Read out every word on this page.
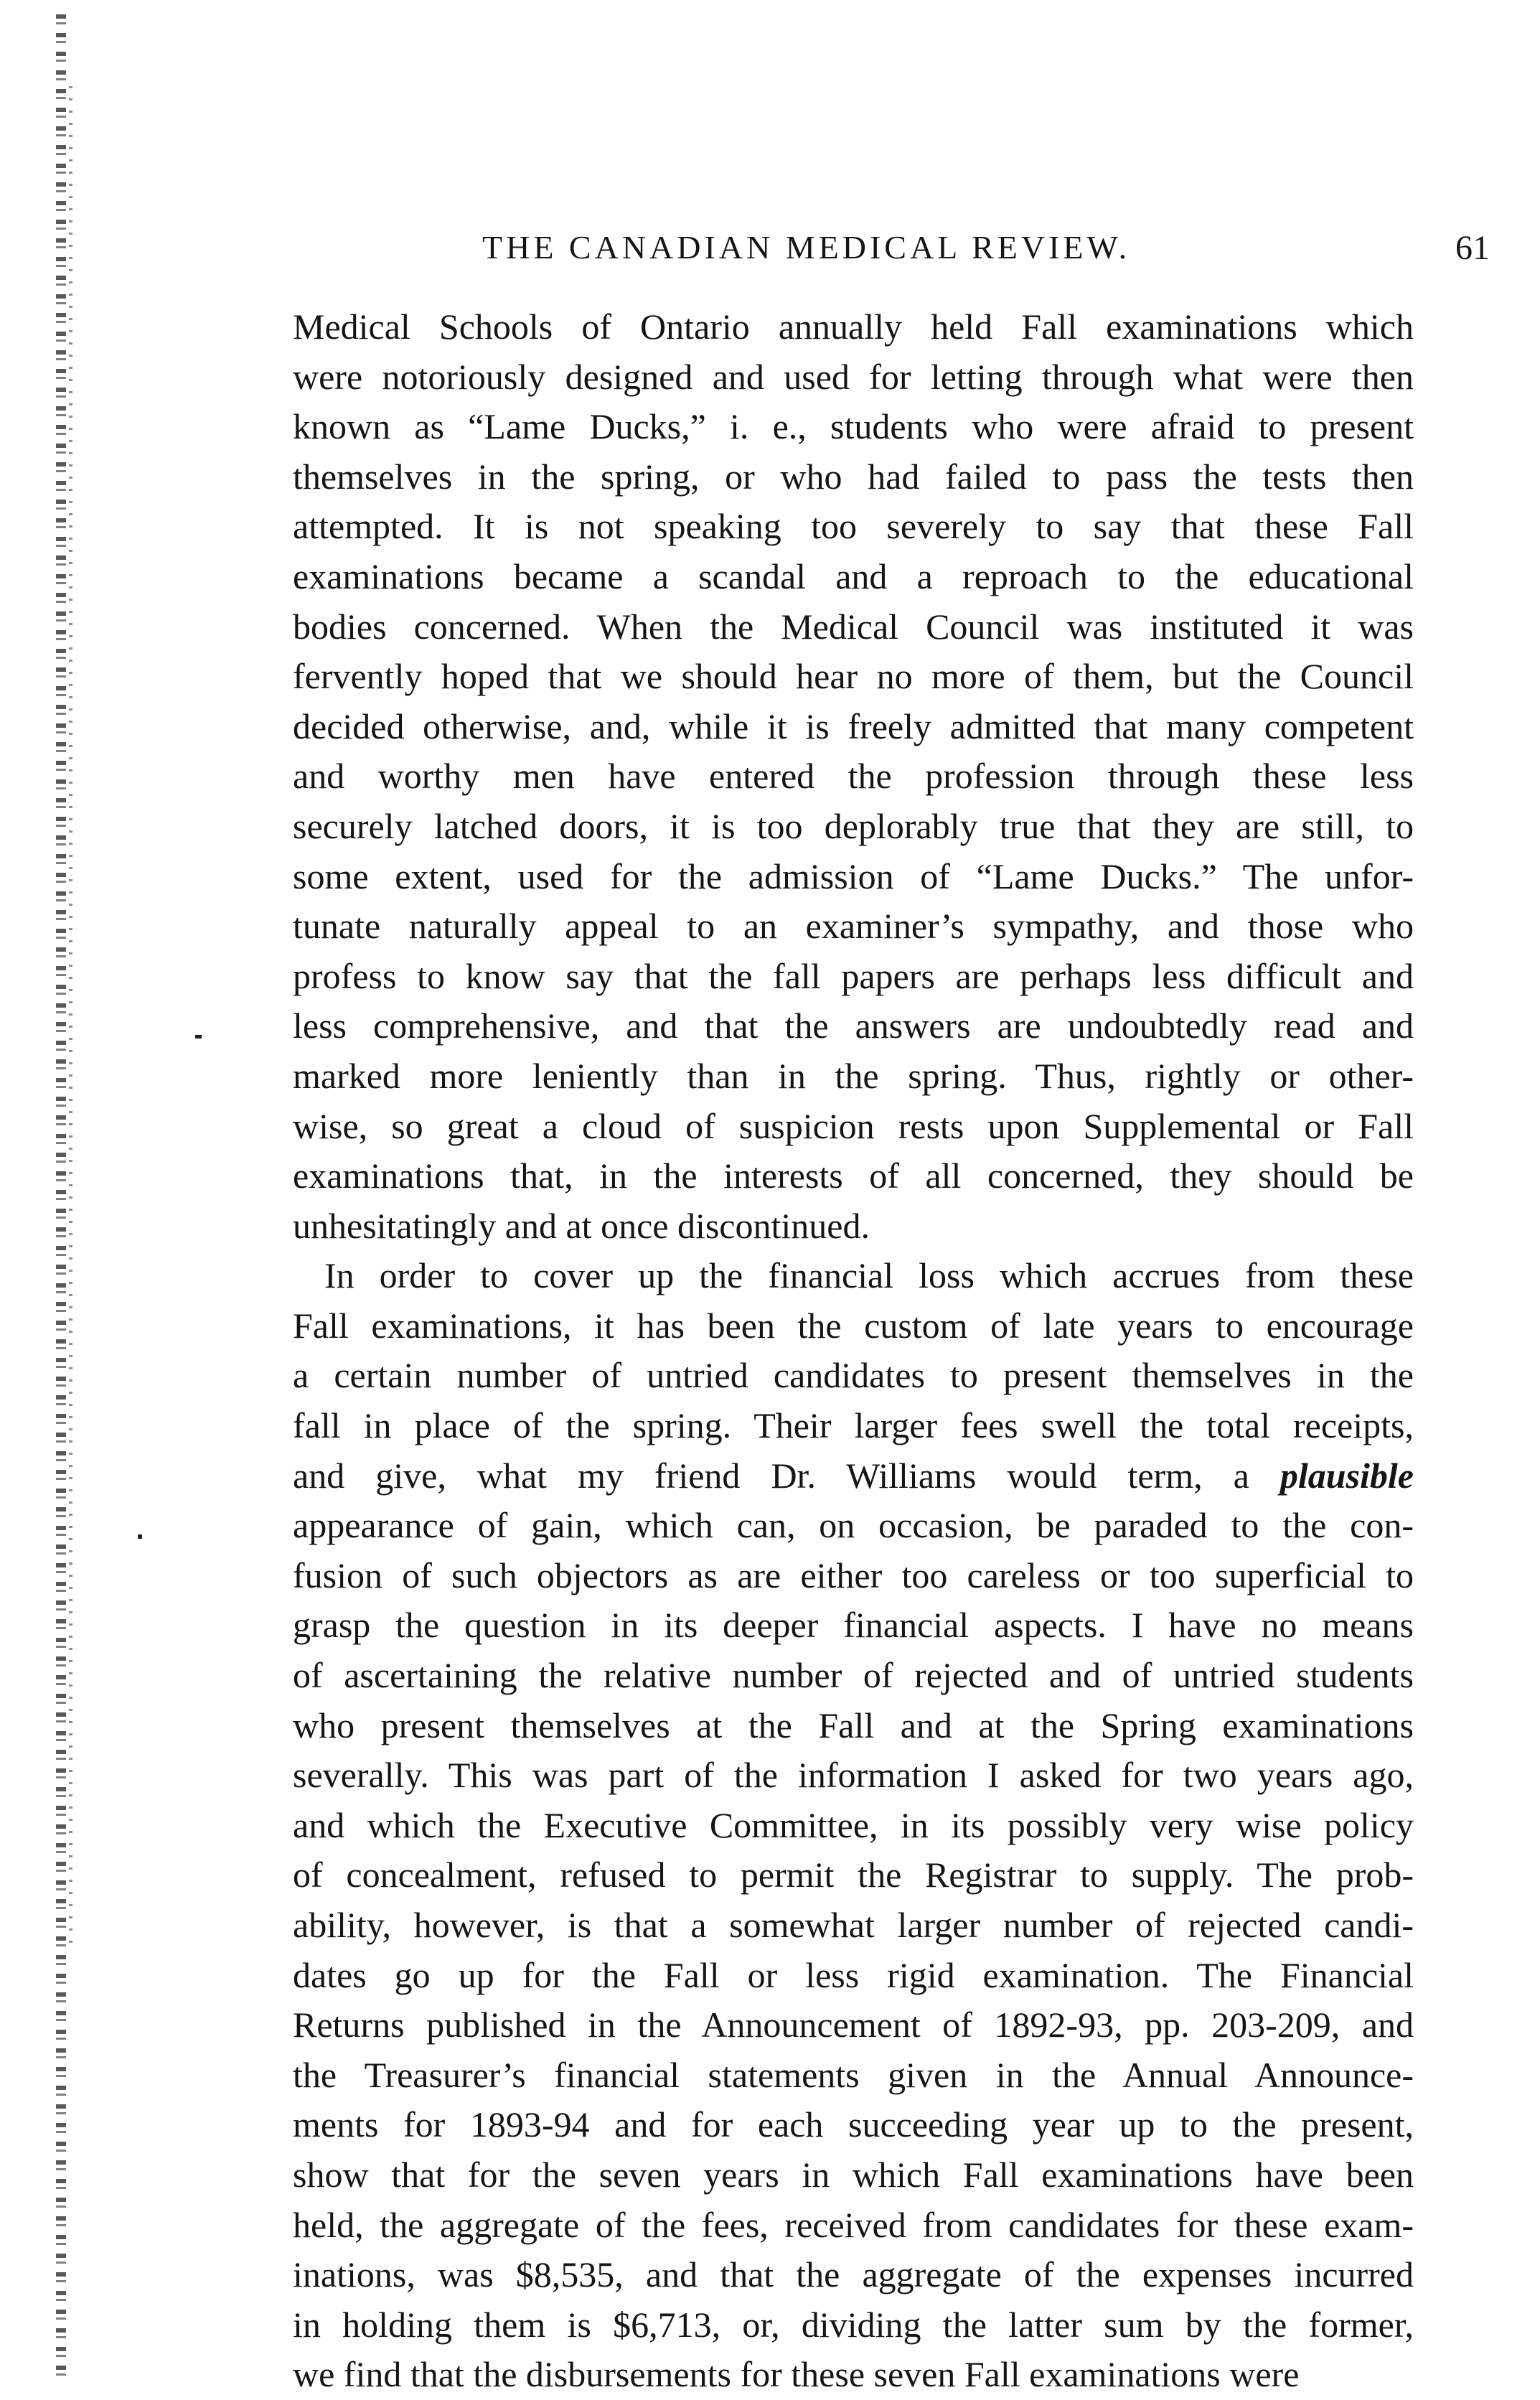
THE CANADIAN MEDICAL REVIEW.	61
Medical Schools of Ontario annually held Fall examinations which
were notoriously designed and used for letting through what were then
known as “Lame Ducks,” i. e., students who were afraid to present
themselves in the spring, or who had failed to pass the tests then
attempted. It is not speaking too severely to say that these Fall
examinations became a scandal and a reproach to the educational
bodies concerned. When the Medical Council was instituted it was
fervently hoped that we should hear no more of them, but the Council
decided otherwise, and, while it is freely admitted that many competent
and worthy men have entered the profession through these less
securely latched doors, it is too deplorably true that they are still, to
some extent, used for the admission of “Lame Ducks.” The unfor-
tunate naturally appeal to an examiner’s sympathy, and those who
profess to know say that the fall papers are perhaps less difficult and
less comprehensive, and that the answers are undoubtedly read and
marked more leniently than in the spring. Thus, rightly or other-
wise, so great a cloud of suspicion rests upon Supplemental or Fall
examinations that, in the interests of all concerned, they should be
unhesitatingly and at once discontinued.
In order to cover up the financial loss which accrues from these
Fall examinations, it has been the custom of late years to encourage
a certain number of untried candidates to present themselves in the
fall in place of the spring. Their larger fees swell the total receipts,
and give, what my friend Dr. Williams would term, a plausible
appearance of gain, which can, on occasion, be paraded to the con-
fusion of such objectors as are either too careless or too superficial to
grasp the question in its deeper financial aspects. I have no means
of ascertaining the relative number of rejected and of untried students
who present themselves at the Fall and at the Spring examinations
severally. This was part of the information I asked for two years ago,
and which the Executive Committee, in its possibly very wise policy
of concealment, refused to permit the Registrar to supply. The prob-
ability, however, is that a somewhat larger number of rejected candi-
dates go up for the Fall or less rigid examination. The Financial
Returns published in the Announcement of 1892-93, pp. 203-209, and
the Treasurer’s financial statements given in the Annual Announce-
ments for 1893-94 and for each succeeding year up to the present,
show that for the seven years in which Fall examinations have been
held, the aggregate of the fees, received from candidates for these exam-
inations, was $8,535, and that the aggregate of the expenses incurred
in holding them is $6,713, or, dividing the latter sum by the former,
we find that the disbursements for these seven Fall examinations were
